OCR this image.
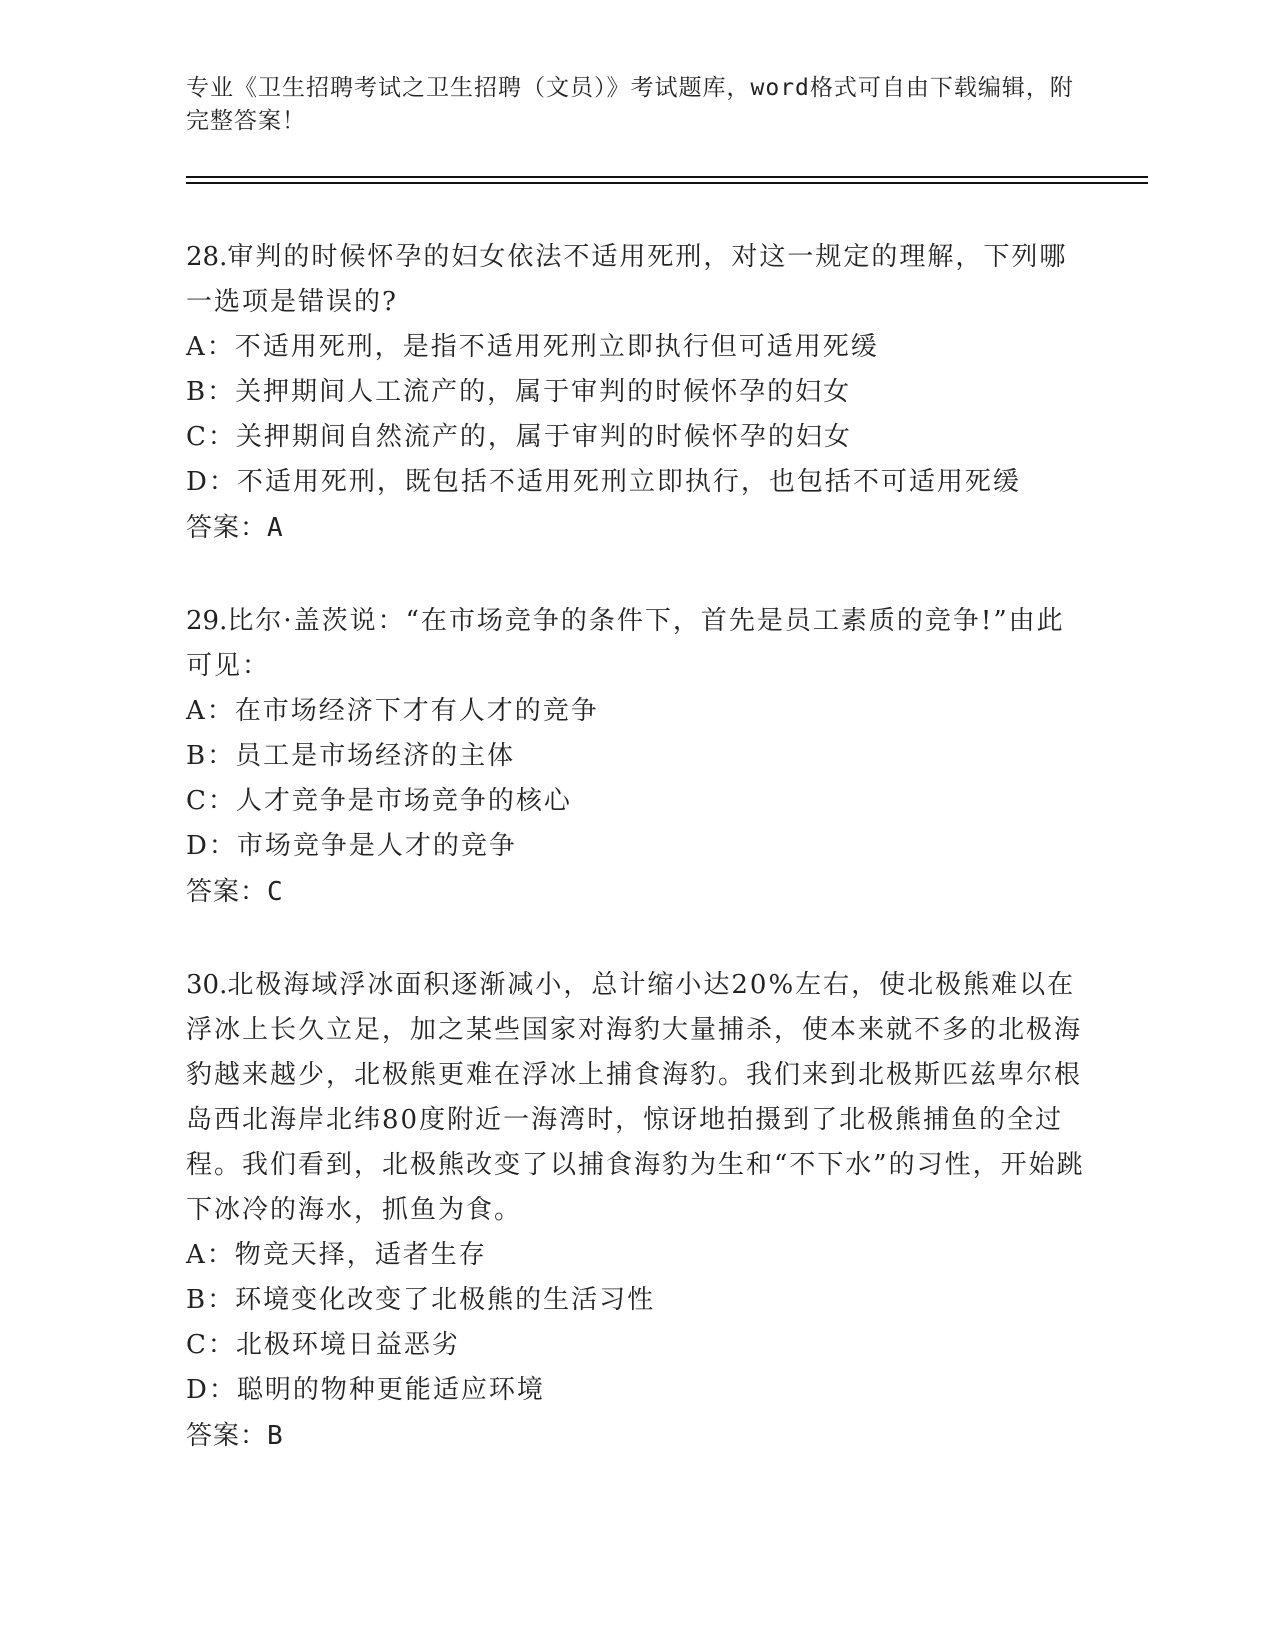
专业《卫生招聘考试之卫生招聘（文员）》考试题库，word格式可自由下载编辑，附完整答案！
28.审判的时候怀孕的妇女依法不适用死刑，对这一规定的理解，下列哪一选项是错误的?
A：不适用死刑，是指不适用死刑立即执行但可适用死缓
B：关押期间人工流产的，属于审判的时候怀孕的妇女
C：关押期间自然流产的，属于审判的时候怀孕的妇女
D：不适用死刑，既包括不适用死刑立即执行，也包括不可适用死缓
答案：A
29.比尔·盖茨说：“在市场竞争的条件下，首先是员工素质的竞争!”由此可见：
A：在市场经济下才有人才的竞争
B：员工是市场经济的主体
C：人才竞争是市场竞争的核心
D：市场竞争是人才的竞争
答案：C
30.北极海域浮冰面积逐渐减小，总计缩小达20%左右，使北极熊难以在浮冰上长久立足，加之某些国家对海豹大量捕杀，使本来就不多的北极海豹越来越少，北极熊更难在浮冰上捕食海豹。我们来到北极斯匹兹卑尔根岛西北海岸北纬80度附近一海湾时，惊讶地拍摄到了北极熊捕鱼的全过程。我们看到，北极熊改变了以捕食海豹为生和“不下水”的习性，开始跳下冰冷的海水，抓鱼为食。
A：物竞天择，适者生存
B：环境变化改变了北极熊的生活习性
C：北极环境日益恶劣
D：聪明的物种更能适应环境
答案：B
